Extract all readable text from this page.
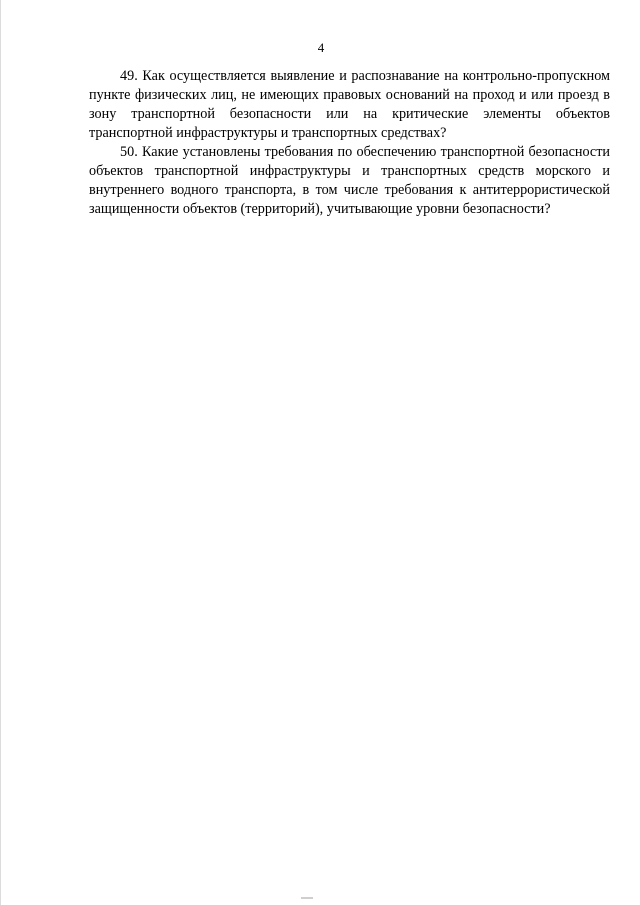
4

49. Как осуществляется выявление и распознавание на контрольно-пропускном пункте физических лиц, не имеющих правовых оснований на проход и или проезд в зону транспортной безопасности или на критические элементы объектов транспортной инфраструктуры и транспортных средствах?

50. Какие установлены требования по обеспечению транспортной безопасности объектов транспортной инфраструктуры и транспортных средств морского и внутреннего водного транспорта, в том числе требования к антитеррористической защищенности объектов (территорий), учитывающие уровни безопасности?
